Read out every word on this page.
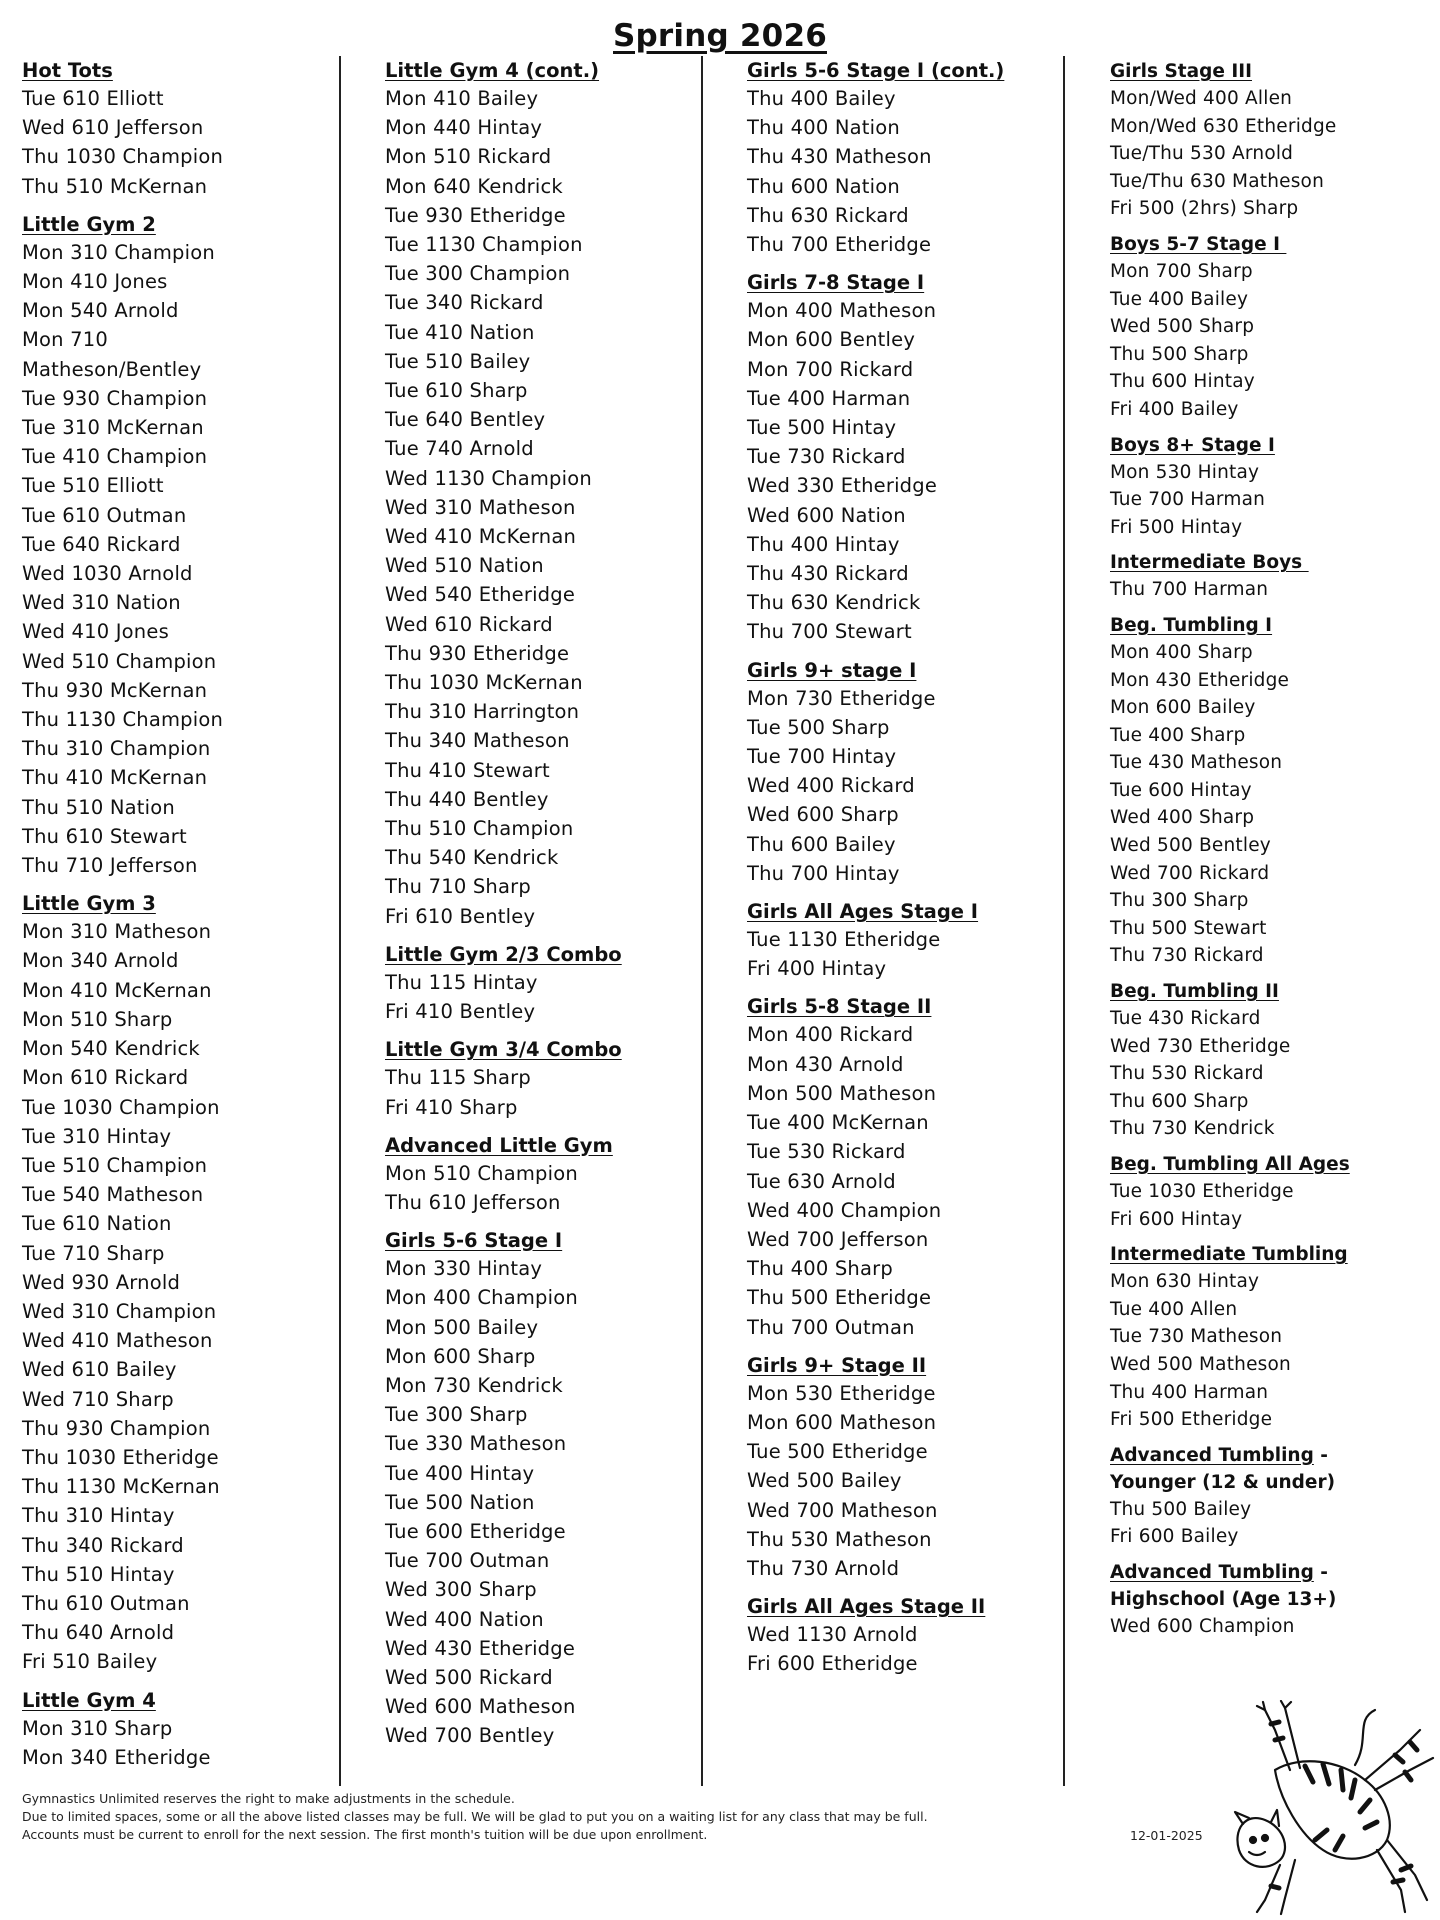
Spring 2026
Hot Tots
Tue 610 Elliott
Wed 610 Jefferson
Thu 1030 Champion
Thu 510 McKernan
Little Gym 2
Mon 310 Champion
Mon 410 Jones
Mon 540 Arnold
Mon 710
Matheson/Bentley
Tue 930 Champion
Tue 310 McKernan
Tue 410 Champion
Tue 510 Elliott
Tue 610 Outman
Tue 640 Rickard
Wed 1030 Arnold
Wed 310 Nation
Wed 410 Jones
Wed 510 Champion
Thu 930 McKernan
Thu 1130 Champion
Thu 310 Champion
Thu 410 McKernan
Thu 510 Nation
Thu 610 Stewart
Thu 710 Jefferson
Little Gym 3
Mon 310 Matheson
Mon 340 Arnold
Mon 410 McKernan
Mon 510 Sharp
Mon 540 Kendrick
Mon 610 Rickard
Tue 1030 Champion
Tue 310 Hintay
Tue 510 Champion
Tue 540 Matheson
Tue 610 Nation
Tue 710 Sharp
Wed 930 Arnold
Wed 310 Champion
Wed 410 Matheson
Wed 610 Bailey
Wed 710 Sharp
Thu 930 Champion
Thu 1030 Etheridge
Thu 1130 McKernan
Thu 310 Hintay
Thu 340 Rickard
Thu 510 Hintay
Thu 610 Outman
Thu 640 Arnold
Fri 510 Bailey
Little Gym 4
Mon 310 Sharp
Mon 340 Etheridge
Little Gym 4 (cont.)
Mon 410 Bailey
Mon 440 Hintay
Mon 510 Rickard
Mon 640 Kendrick
Tue 930 Etheridge
Tue 1130 Champion
Tue 300 Champion
Tue 340 Rickard
Tue 410 Nation
Tue 510 Bailey
Tue 610 Sharp
Tue 640 Bentley
Tue 740 Arnold
Wed 1130 Champion
Wed 310 Matheson
Wed 410 McKernan
Wed 510 Nation
Wed 540 Etheridge
Wed 610 Rickard
Thu 930 Etheridge
Thu 1030 McKernan
Thu 310 Harrington
Thu 340 Matheson
Thu 410 Stewart
Thu 440 Bentley
Thu 510 Champion
Thu 540 Kendrick
Thu 710 Sharp
Fri 610 Bentley
Little Gym 2/3 Combo
Thu 115 Hintay
Fri 410 Bentley
Little Gym 3/4 Combo
Thu 115 Sharp
Fri 410 Sharp
Advanced Little Gym
Mon 510 Champion
Thu 610 Jefferson
Girls 5-6 Stage I
Mon 330 Hintay
Mon 400 Champion
Mon 500 Bailey
Mon 600 Sharp
Mon 730 Kendrick
Tue 300 Sharp
Tue 330 Matheson
Tue 400 Hintay
Tue 500 Nation
Tue 600 Etheridge
Tue 700 Outman
Wed 300 Sharp
Wed 400 Nation
Wed 430 Etheridge
Wed 500 Rickard
Wed 600 Matheson
Wed 700 Bentley
Girls 5-6 Stage I (cont.)
Thu 400 Bailey
Thu 400 Nation
Thu 430 Matheson
Thu 600 Nation
Thu 630 Rickard
Thu 700 Etheridge
Girls 7-8 Stage I
Mon 400 Matheson
Mon 600 Bentley
Mon 700 Rickard
Tue 400 Harman
Tue 500 Hintay
Tue 730 Rickard
Wed 330 Etheridge
Wed 600 Nation
Thu 400 Hintay
Thu 430 Rickard
Thu 630 Kendrick
Thu 700 Stewart
Girls 9+ stage I
Mon 730 Etheridge
Tue 500 Sharp
Tue 700 Hintay
Wed 400 Rickard
Wed 600 Sharp
Thu 600 Bailey
Thu 700 Hintay
Girls All Ages Stage I
Tue 1130 Etheridge
Fri 400 Hintay
Girls 5-8 Stage II
Mon 400 Rickard
Mon 430 Arnold
Mon 500 Matheson
Tue 400 McKernan
Tue 530 Rickard
Tue 630 Arnold
Wed 400 Champion
Wed 700 Jefferson
Thu 400 Sharp
Thu 500 Etheridge
Thu 700 Outman
Girls 9+ Stage II
Mon 530 Etheridge
Mon 600 Matheson
Tue 500 Etheridge
Wed 500 Bailey
Wed 700 Matheson
Thu 530 Matheson
Thu 730 Arnold
Girls All Ages Stage II
Wed 1130 Arnold
Fri 600 Etheridge
Girls Stage III
Mon/Wed 400 Allen
Mon/Wed 630 Etheridge
Tue/Thu 530 Arnold
Tue/Thu 630 Matheson
Fri 500 (2hrs) Sharp
Boys 5-7 Stage I
Mon 700 Sharp
Tue 400 Bailey
Wed 500 Sharp
Thu 500 Sharp
Thu 600 Hintay
Fri 400 Bailey
Boys 8+ Stage I
Mon 530 Hintay
Tue 700 Harman
Fri 500 Hintay
Intermediate Boys
Thu 700 Harman
Beg. Tumbling I
Mon 400 Sharp
Mon 430 Etheridge
Mon 600 Bailey
Tue 400 Sharp
Tue 430 Matheson
Tue 600 Hintay
Wed 400 Sharp
Wed 500 Bentley
Wed 700 Rickard
Thu 300 Sharp
Thu 500 Stewart
Thu 730 Rickard
Beg. Tumbling II
Tue 430 Rickard
Wed 730 Etheridge
Thu 530 Rickard
Thu 600 Sharp
Thu 730 Kendrick
Beg. Tumbling All Ages
Tue 1030 Etheridge
Fri 600 Hintay
Intermediate Tumbling
Mon 630 Hintay
Tue 400 Allen
Tue 730 Matheson
Wed 500 Matheson
Thu 400 Harman
Fri 500 Etheridge
Advanced Tumbling -
Younger (12 & under)
Thu 500 Bailey
Fri 600 Bailey
Advanced Tumbling -
Highschool (Age 13+)
Wed 600 Champion
Gymnastics Unlimited reserves the right to make adjustments in the schedule.
Due to limited spaces, some or all the above listed classes may be full. We will be glad to put you on a waiting list for any class that may be full.
Accounts must be current to enroll for the next session. The first month's tuition will be due upon enrollment.	12-01-2025
